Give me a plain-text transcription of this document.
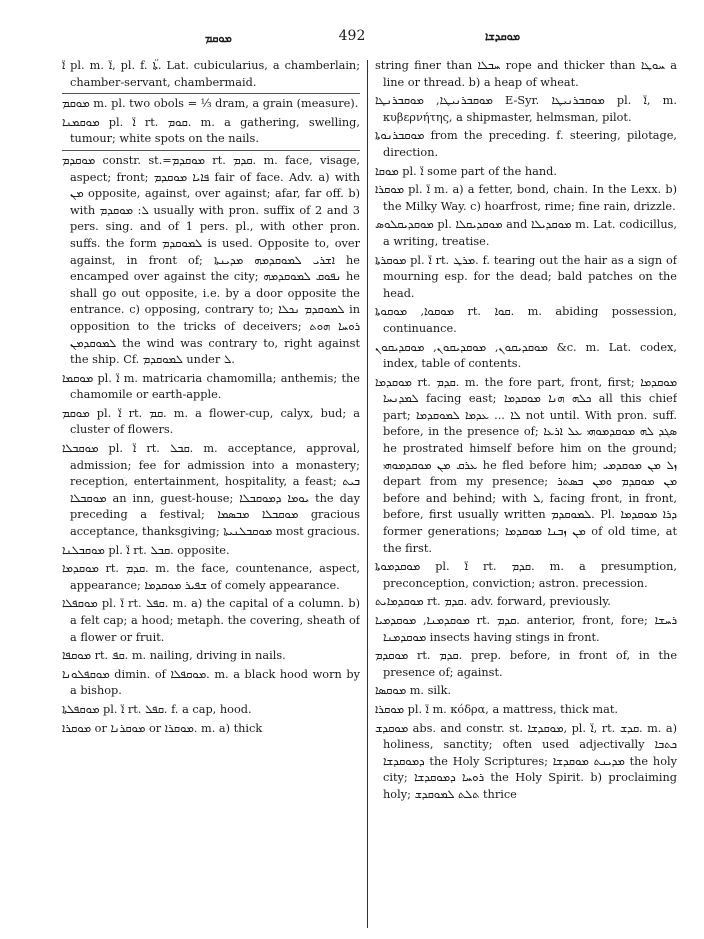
ܡܘܩܡ	492	ܡܘܩܕܫܐ

ܐ̈ pl. m. ܐ̈, pl. f. ܬܐ̈. Lat. cubicularius, a chamberlain; chamber-servant, chambermaid.

ܡܘܩܡ m. pl. two obols = ⅓ dram, a grain (measure).

ܡܘܩܡܢܐ pl. ܐ̈ rt. ܩܘܡ. m. a gathering, swelling, tumour; white spots on the nails.

ܡܘܩܕܡ constr. st.=ܡܘܩܕܡ rt. ܩܕܡ. m. face, visage, aspect; front; ܦܐܝܐ ܡܘܩܕܡ fair of face. Adv. a) with ܡܢ opposite, against, over against; afar, far off. b) with ܠ: ܡܘܩܕܡ usually with pron. suffix of 2 and 3 pers. sing. and of 1 pers. pl., with other pron. suffs. the form ܠܡܘܩܕܡ is used. Opposite to, over against, in front of; ܐܫܪܝ ܠܡܘܩܕܡܗ ܡܕܝܢܬܐ he encamped over against the city; ܢܦܘܩ ܠܡܘܩܕܡܗ he shall go out opposite, i.e. by a door opposite the entrance. c) opposing, contrary to; ܠܡܘܩܕܡ ܢܟܠܐ in opposition to the tricks of deceivers; ܪܘܚܐ ܗܘܬ ܠܡܘܩܕܡܢ the wind was contrary to, right against the ship. Cf. ܠܡܘܩܕܡ under ܠ.

ܡܘܩܡܐ pl. ܐ̈ m. matricaria chamomilla; anthemis; the chamomile or earth-apple.

ܡܘܩܡ pl. ܐ̈ rt. ܩܡ. m. a flower-cup, calyx, bud; a cluster of flowers.

ܡܘܩܒܠܐ pl. ܐ̈ rt. ܩܒܠ. m. acceptance, approval, admission; fee for admission into a monastery; reception, entertainment, hospitality, a feast; ܒܝܬ ܡܘܩܒܠܐ an inn, guest-house; ܝܘܡܐ ܕܡܘܩܒܠܐ the day preceding a festival; ܡܘܩܒܠܐ ܡܒܣܡܐ gracious acceptance, thanksgiving; ܡܘܩܒܠܢܝܬܐ most gracious.

ܡܘܩܒܠܢܐ pl. ܐ̈ rt. ܩܒܠ. opposite.

ܡܘܩܕܡܐ rt. ܩܕܡ. m. the face, countenance, aspect, appearance; ܫܦܝܪ ܡܘܩܕܡܐ of comely appearance.

ܡܘܩܦܠܐ pl. ܐ̈ rt. ܩܦܠ. m. a) the capital of a column. b) a felt cap; a hood; metaph. the covering, sheath of a flower or fruit.

ܡܘܩܦܐ rt. ܩܦ. m. nailing, driving in nails.

ܡܘܩܦܠܘܢܐ dimin. of ܡܘܩܦܠܐ. m. a black hood worn by a bishop.

ܡܘܩܦܠܬܐ pl. ܐ̈ rt. ܩܦܠ. f. a cap, hood.

ܡܘܩܪܐ or ܡܘܩܪܢܐ or ܡܘܩܪܐ. m. a) thick

string finer than ܚܒܠܐ rope and thicker than ܚܘܛܐ a line or thread. b) a heap of wheat.

ܡܘܩܒܪܢܝܛܐ, ܡܘܩܒܪܢܛܐ E-Syr. ܡܘܩܒܪܢܝܛܐ pl. ܐ̈, m. κυβερνήτης, a shipmaster, helmsman, pilot.

ܡܘܩܒܪܢܘܬܐ from the preceding. f. steering, pilotage, direction.

ܡܘܩܐ pl. ܐ̈ some part of the hand.

ܡܘܩܪܐ pl. ܐ̈ m. a) a fetter, bond, chain. In the Lexx. b) the Milky Way. c) hoarfrost, rime; fine rain, drizzle.

ܡܘܩܕܝܩܠܘܣ pl. ܡܘܩܕܝܩܠܐ and ܡܘܩܕܝܠܐ m. Lat. codicillus, a writing, treatise.

ܡܘܩܪܬܐ pl. ܐ̈ rt. ܡܪܛ. f. tearing out the hair as a sign of mourning esp. for the dead; bald patches on the head.

ܡܘܩܘܐ, ܡܘܩܘܬܐ rt. ܩܘܐ. m. abiding possession, continuance.

ܡܘܩܕܝܩܘܢ, ܡܘܩܕܝܩܘܢ, ܡܘܩܕܝܩܘܢ &c. m. Lat. codex, index, table of contents.

ܡܘܩܕܡܐ rt. ܩܕܡ. m. the fore part, front, first; ܡܘܩܕܡܐ ܠܡܕܢܚܐ facing east; ܟܠܗ ܗܢܐ ܡܘܩܕܡܐ all this chief part; ܠܐ ... ܥܕܡܐ ܠܡܘܩܕܡܐ not until. With pron. suff. before, in the presence of; ܣܓܕ ܠܗ ܡܘܩܕܡܘܗܝ ܥܠ ܐܪܥܐ he prostrated himself before him on the ground; ܥܪܩ ܡܢ ܡܘܩܕܡܘܗܝ he fled before him; ܙܠ ܡܢ ܡܘܩܕܡܝ depart from my presence; ܡܢ ܡܘܩܕܡ ܘܡܢ ܒܣܬܪ before and behind; with ܠ, facing front, in front, before, first usually written ܠܡܘܩܕܡ. Pl. ܕܪܐ ܡܘܩܕܡܐ former generations; ܡܢ ܙܒܢܐ ܡܘܩܕܡܐ of old time, at the first.

ܡܘܩܕܡܘܬܐ pl. ܐ̈ rt. ܩܕܡ. m. a presumption, preconception, conviction; astron. precession.

ܡܘܩܕܡܐܝܬ rt. ܩܕܡ. adv. forward, previously.

ܡܘܩܕܡܢܐ, ܡܘܩܕܡܝܐ rt. ܩܕܡ. anterior, front, fore; ܪܚܫܐ ܡܘܩܕܡܢܐ insects having stings in front.

ܡܘܩܕܡ rt. ܩܕܡ. prep. before, in front of, in the presence of; against.

ܡܘܩܣܐ m. silk.

ܡܘܩܪܐ pl. ܐ̈ m. κόδρα, a mattress, thick mat.

ܡܘܩܕܫ abs. and constr. st. ܡܘܩܕܫܐ, pl. ܐ̈, rt. ܩܕܫ. m. a) holiness, sanctity; often used adjectivally ܟܬܒܐ ܕܡܘܩܕܫܐ the Holy Scriptures; ܡܕܝܢܬ ܡܘܩܕܫܐ the holy city; ܪܘܚܐ ܕܡܘܩܕܫܐ the Holy Spirit. b) proclaiming holy; ܬܠܬ ܠܡܘܩܕܫ thrice
